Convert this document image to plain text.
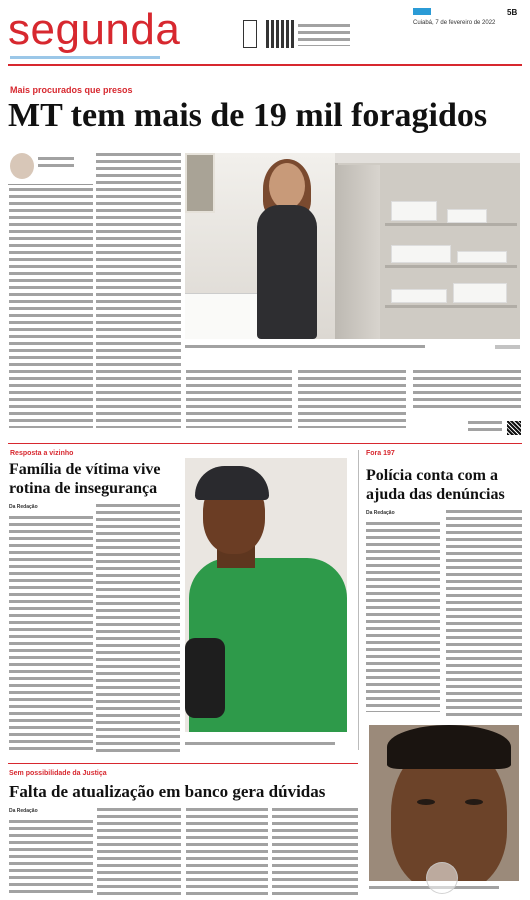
segunda	Cuiabá, 7 de fevereiro de 2022
5B
Mais procurados que presos
MT tem mais de 19 mil foragidos
Resposta a vizinho
Família de vítima vive
rotina de insegurança
Da Redação
Fora 197
Polícia conta com a
ajuda das denúncias
Da Redação
Sem possibilidade da Justiça
Falta de atualização em banco gera dúvidas
Da Redação
